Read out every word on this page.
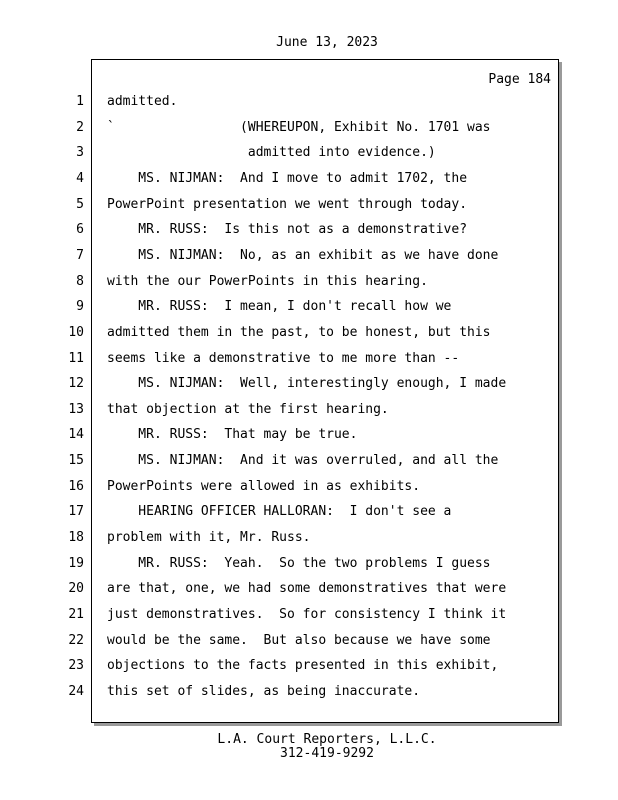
June 13, 2023
Page 184
1 admitted.
2 `                (WHEREUPON, Exhibit No. 1701 was
3 admitted into evidence.)
4 MS. NIJMAN:  And I move to admit 1702, the
5 PowerPoint presentation we went through today.
6 MR. RUSS:  Is this not as a demonstrative?
7 MS. NIJMAN:  No, as an exhibit as we have done
8 with the our PowerPoints in this hearing.
9 MR. RUSS:  I mean, I don't recall how we
10 admitted them in the past, to be honest, but this
11 seems like a demonstrative to me more than --
12 MS. NIJMAN:  Well, interestingly enough, I made
13 that objection at the first hearing.
14 MR. RUSS:  That may be true.
15 MS. NIJMAN:  And it was overruled, and all the
16 PowerPoints were allowed in as exhibits.
17 HEARING OFFICER HALLORAN:  I don't see a
18 problem with it, Mr. Russ.
19 MR. RUSS:  Yeah.  So the two problems I guess
20 are that, one, we had some demonstratives that were
21 just demonstratives.  So for consistency I think it
22 would be the same.  But also because we have some
23 objections to the facts presented in this exhibit,
24 this set of slides, as being inaccurate.
L.A. Court Reporters, L.L.C.
312-419-9292
